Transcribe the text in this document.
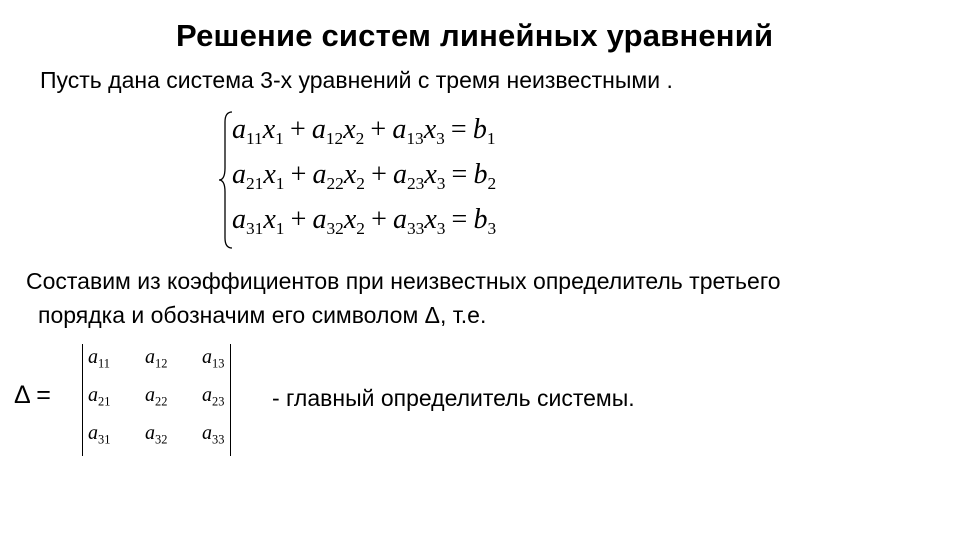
Решение систем линейных уравнений
Пусть дана система 3-х уравнений с тремя неизвестными .
$a_{11}x_1 + a_{12}x_2 + a_{13}x_3 = b_1$
$a_{21}x_1 + a_{22}x_2 + a_{23}x_3 = b_2$
$a_{31}x_1 + a_{32}x_2 + a_{33}x_3 = b_3$
Составим из коэффициентов при неизвестных определитель третьего
порядка и обозначим его символом Δ, т.е.
Δ =
$a_{11}$	$a_{12}$	$a_{13}$
$a_{21}$	$a_{22}$	$a_{23}$
$a_{31}$	$a_{32}$	$a_{33}$
- главный определитель системы.
